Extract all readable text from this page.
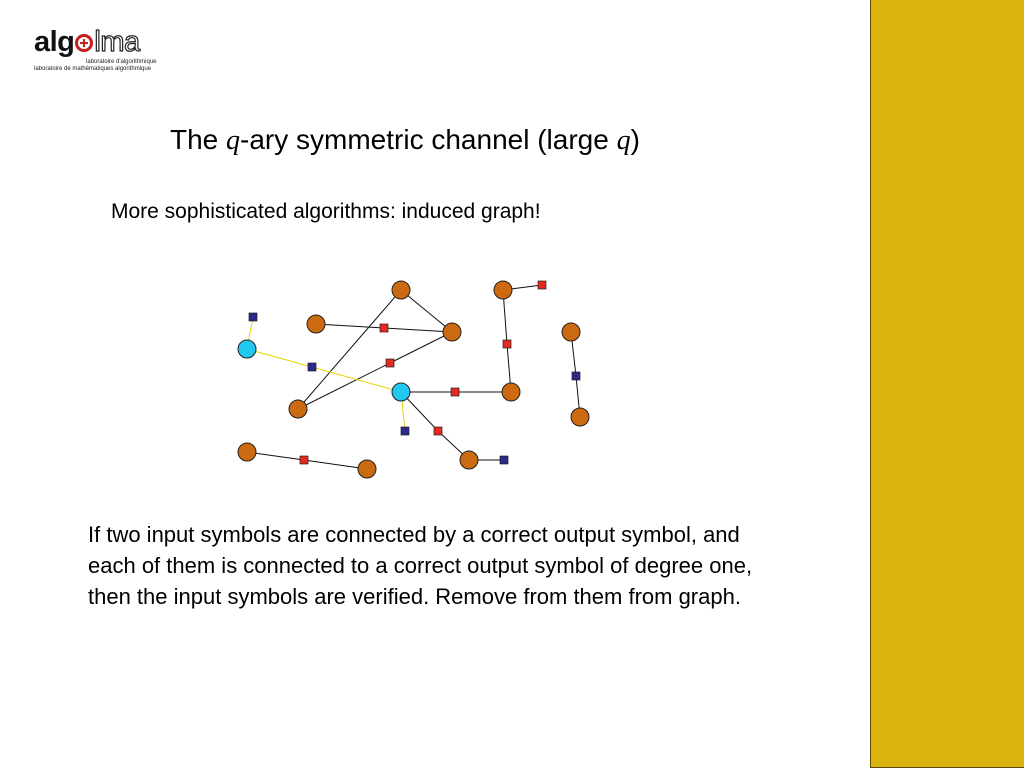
alg lma
laboratoire d'algorithmique
laboratoire de mathématiques algorithmique
The q-ary symmetric channel (large q)
More sophisticated algorithms: induced graph!
If two input symbols are connected by a correct output symbol, and each of them is connected to a correct output symbol of degree one, then the input symbols are verified. Remove from them from graph.
